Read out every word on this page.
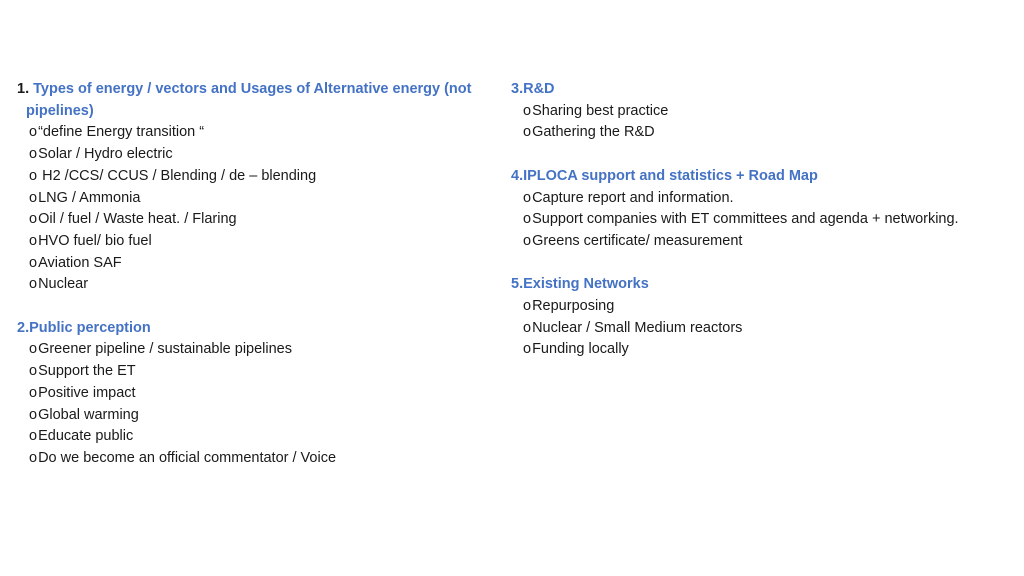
1. Types of energy / vectors and Usages of Alternative energy (not
pipelines)
o“define Energy transition “
oSolar / Hydro electric
o H2 /CCS/ CCUS / Blending / de – blending
oLNG / Ammonia
oOil / fuel / Waste heat. / Flaring
oHVO fuel/ bio fuel
oAviation SAF
oNuclear
2.Public perception
oGreener pipeline / sustainable pipelines
oSupport the ET
oPositive impact
oGlobal warming
oEducate public
oDo we become an official commentator / Voice
3.R&D
oSharing best practice
oGathering the R&D
4.IPLOCA support and statistics + Road Map
oCapture report and information.
oSupport companies with ET committees and agenda + networking.
oGreens certificate/ measurement
5.Existing Networks
oRepurposing
oNuclear / Small Medium reactors
oFunding locally
